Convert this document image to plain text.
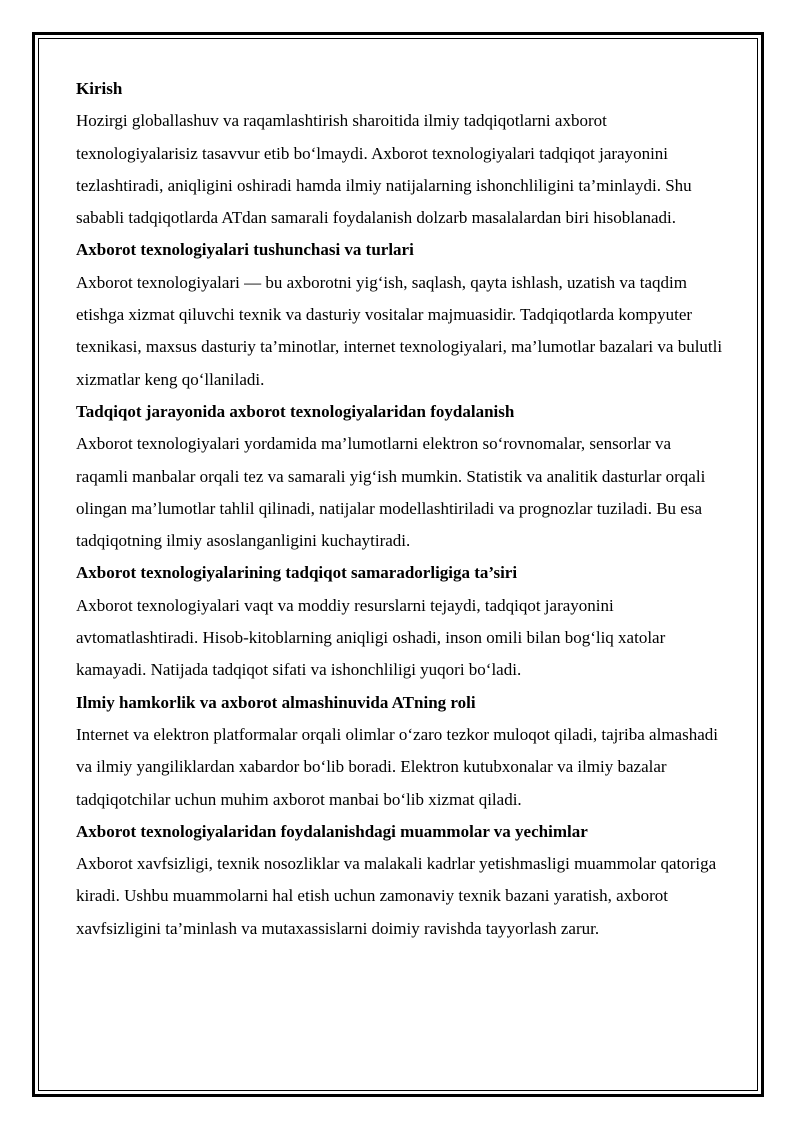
Kirish

Hozirgi globallashuv va raqamlashtirish sharoitida ilmiy tadqiqotlarni axborot texnologiyalarisiz tasavvur etib bo‘lmaydi. Axborot texnologiyalari tadqiqot jarayonini tezlashtiradi, aniqligini oshiradi hamda ilmiy natijalarning ishonchliligini ta’minlaydi. Shu sababli tadqiqotlarda ATdan samarali foydalanish dolzarb masalalardan biri hisoblanadi.

Axborot texnologiyalari tushunchasi va turlari

Axborot texnologiyalari — bu axborotni yig‘ish, saqlash, qayta ishlash, uzatish va taqdim etishga xizmat qiluvchi texnik va dasturiy vositalar majmuasidir. Tadqiqotlarda kompyuter texnikasi, maxsus dasturiy ta’minotlar, internet texnologiyalari, ma’lumotlar bazalari va bulutli xizmatlar keng qo‘llaniladi.

Tadqiqot jarayonida axborot texnologiyalaridan foydalanish

Axborot texnologiyalari yordamida ma’lumotlarni elektron so‘rovnomalar, sensorlar va raqamli manbalar orqali tez va samarali yig‘ish mumkin. Statistik va analitik dasturlar orqali olingan ma’lumotlar tahlil qilinadi, natijalar modellashtiriladi va prognozlar tuziladi. Bu esa tadqiqotning ilmiy asoslanganligini kuchaytiradi.

Axborot texnologiyalarining tadqiqot samaradorligiga ta’siri

Axborot texnologiyalari vaqt va moddiy resurslarni tejaydi, tadqiqot jarayonini avtomatlashtiradi. Hisob-kitoblarning aniqligi oshadi, inson omili bilan bog‘liq xatolar kamayadi. Natijada tadqiqot sifati va ishonchliligi yuqori bo‘ladi.

Ilmiy hamkorlik va axborot almashinuvida ATning roli

Internet va elektron platformalar orqali olimlar o‘zaro tezkor muloqot qiladi, tajriba almashadi va ilmiy yangiliklardan xabardor bo‘lib boradi. Elektron kutubxonalar va ilmiy bazalar tadqiqotchilar uchun muhim axborot manbai bo‘lib xizmat qiladi.

Axborot texnologiyalaridan foydalanishdagi muammolar va yechimlar

Axborot xavfsizligi, texnik nosozliklar va malakali kadrlar yetishmasligi muammolar qatoriga kiradi. Ushbu muammolarni hal etish uchun zamonaviy texnik bazani yaratish, axborot xavfsizligini ta’minlash va mutaxassislarni doimiy ravishda tayyorlash zarur.
